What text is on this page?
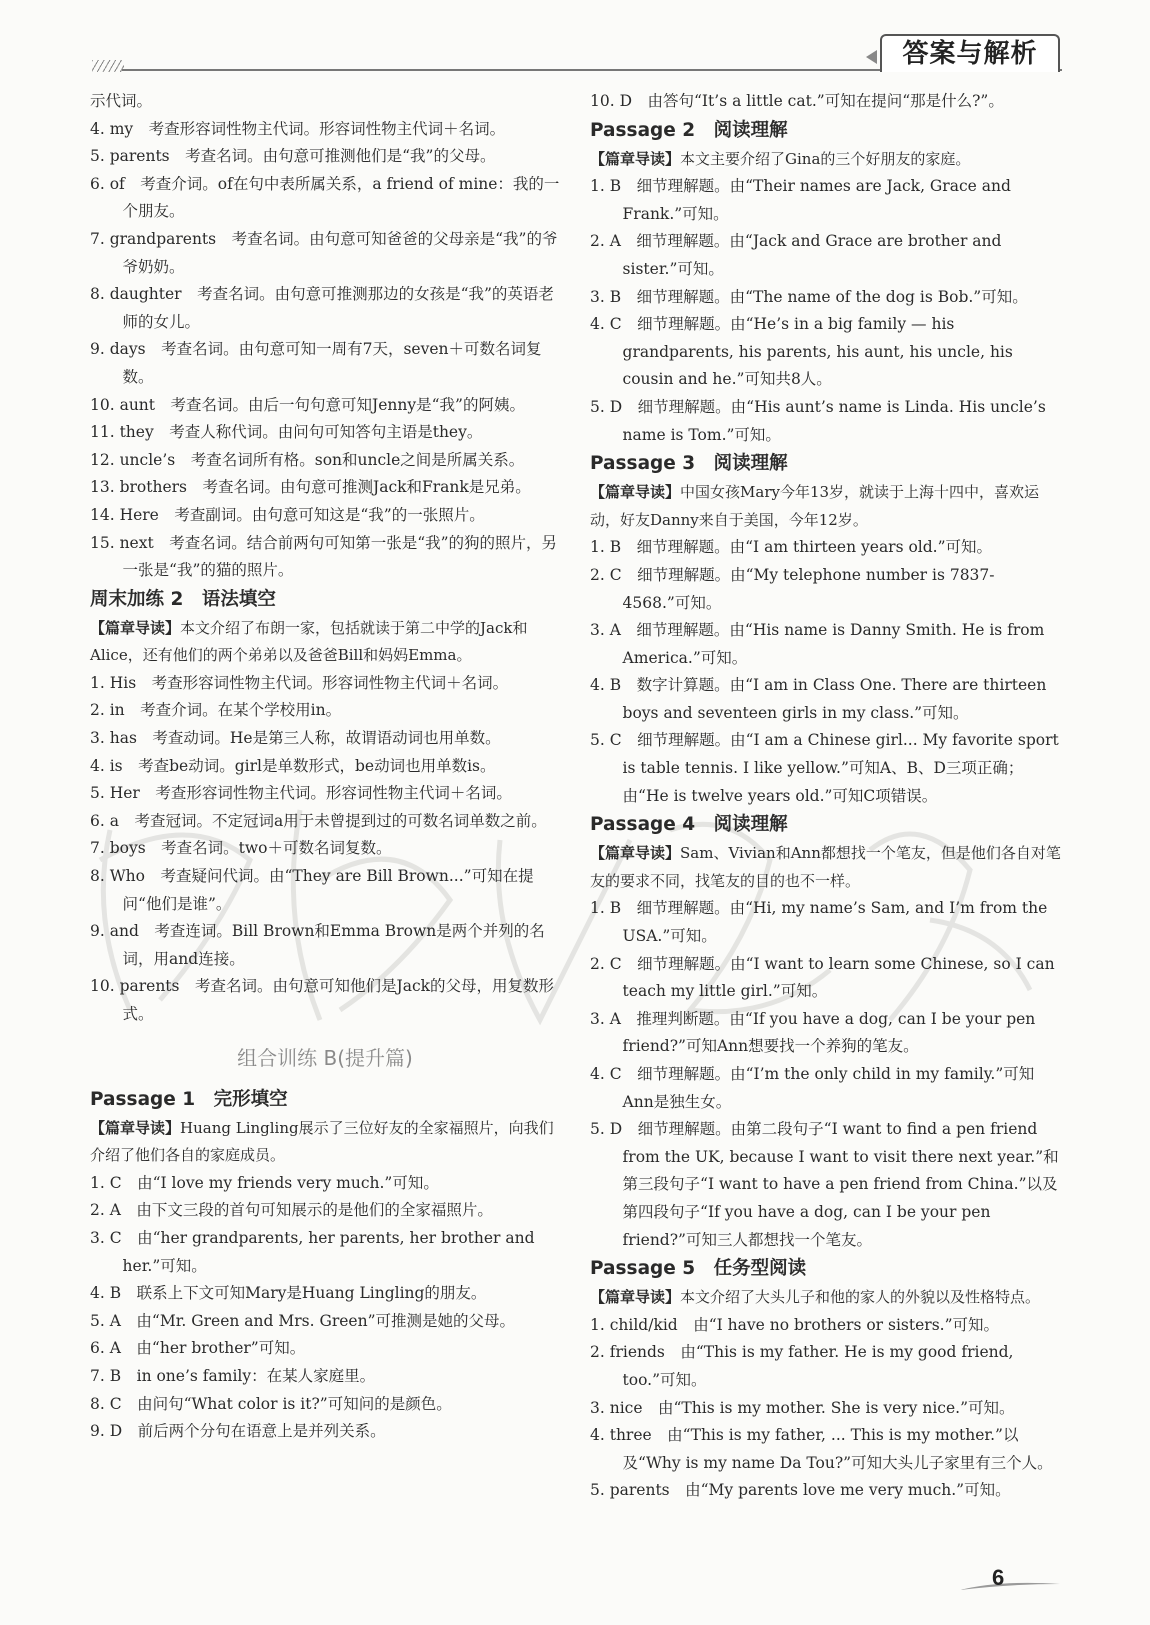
答案与解析
示代词。
4. my　考查形容词性物主代词。形容词性物主代词＋名词。
5. parents　考查名词。由句意可推测他们是“我”的父母。
6. of　考查介词。of在句中表所属关系，a friend of mine：我的一个朋友。
7. grandparents　考查名词。由句意可知爸爸的父母亲是“我”的爷爷奶奶。
8. daughter　考查名词。由句意可推测那边的女孩是“我”的英语老师的女儿。
9. days　考查名词。由句意可知一周有7天，seven＋可数名词复数。
10. aunt　考查名词。由后一句句意可知Jenny是“我”的阿姨。
11. they　考查人称代词。由问句可知答句主语是they。
12. uncle’s　考查名词所有格。son和uncle之间是所属关系。
13. brothers　考查名词。由句意可推测Jack和Frank是兄弟。
14. Here　考查副词。由句意可知这是“我”的一张照片。
15. next　考查名词。结合前两句可知第一张是“我”的狗的照片，另一张是“我”的猫的照片。
周末加练 2　语法填空
【篇章导读】本文介绍了布朗一家，包括就读于第二中学的Jack和Alice，还有他们的两个弟弟以及爸爸Bill和妈妈Emma。
1. His　考查形容词性物主代词。形容词性物主代词＋名词。
2. in　考查介词。在某个学校用in。
3. has　考查动词。He是第三人称，故谓语动词也用单数。
4. is　考查be动词。girl是单数形式，be动词也用单数is。
5. Her　考查形容词性物主代词。形容词性物主代词＋名词。
6. a　考查冠词。不定冠词a用于未曾提到过的可数名词单数之前。
7. boys　考查名词。two＋可数名词复数。
8. Who　考查疑问代词。由“They are Bill Brown...”可知在提问“他们是谁”。
9. and　考查连词。Bill Brown和Emma Brown是两个并列的名词，用and连接。
10. parents　考查名词。由句意可知他们是Jack的父母，用复数形式。
组合训练 B(提升篇)
Passage 1　完形填空
【篇章导读】Huang Lingling展示了三位好友的全家福照片，向我们介绍了他们各自的家庭成员。
1. C　由“I love my friends very much.”可知。
2. A　由下文三段的首句可知展示的是他们的全家福照片。
3. C　由“her grandparents, her parents, her brother and her.”可知。
4. B　联系上下文可知Mary是Huang Lingling的朋友。
5. A　由“Mr. Green and Mrs. Green”可推测是她的父母。
6. A　由“her brother”可知。
7. B　in one’s family：在某人家庭里。
8. C　由问句“What color is it?”可知问的是颜色。
9. D　前后两个分句在语意上是并列关系。
10. D　由答句“It’s a little cat.”可知在提问“那是什么?”。
Passage 2　阅读理解
【篇章导读】本文主要介绍了Gina的三个好朋友的家庭。
1. B　细节理解题。由“Their names are Jack, Grace and Frank.”可知。
2. A　细节理解题。由“Jack and Grace are brother and sister.”可知。
3. B　细节理解题。由“The name of the dog is Bob.”可知。
4. C　细节理解题。由“He’s in a big family — his grandparents, his parents, his aunt, his uncle, his cousin and he.”可知共8人。
5. D　细节理解题。由“His aunt’s name is Linda. His uncle’s name is Tom.”可知。
Passage 3　阅读理解
【篇章导读】中国女孩Mary今年13岁，就读于上海十四中，喜欢运动，好友Danny来自于美国，今年12岁。
1. B　细节理解题。由“I am thirteen years old.”可知。
2. C　细节理解题。由“My telephone number is 7837-4568.”可知。
3. A　细节理解题。由“His name is Danny Smith. He is from America.”可知。
4. B　数字计算题。由“I am in Class One. There are thirteen boys and seventeen girls in my class.”可知。
5. C　细节理解题。由“I am a Chinese girl... My favorite sport is table tennis. I like yellow.”可知A、B、D三项正确；由“He is twelve years old.”可知C项错误。
Passage 4　阅读理解
【篇章导读】Sam、Vivian和Ann都想找一个笔友，但是他们各自对笔友的要求不同，找笔友的目的也不一样。
1. B　细节理解题。由“Hi, my name’s Sam, and I’m from the USA.”可知。
2. C　细节理解题。由“I want to learn some Chinese, so I can teach my little girl.”可知。
3. A　推理判断题。由“If you have a dog, can I be your pen friend?”可知Ann想要找一个养狗的笔友。
4. C　细节理解题。由“I’m the only child in my family.”可知Ann是独生女。
5. D　细节理解题。由第二段句子“I want to find a pen friend from the UK, because I want to visit there next year.”和第三段句子“I want to have a pen friend from China.”以及第四段句子“If you have a dog, can I be your pen friend?”可知三人都想找一个笔友。
Passage 5　任务型阅读
【篇章导读】本文介绍了大头儿子和他的家人的外貌以及性格特点。
1. child/kid　由“I have no brothers or sisters.”可知。
2. friends　由“This is my father. He is my good friend, too.”可知。
3. nice　由“This is my mother. She is very nice.”可知。
4. three　由“This is my father, ... This is my mother.”以及“Why is my name Da Tou?”可知大头儿子家里有三个人。
5. parents　由“My parents love me very much.”可知。
6
